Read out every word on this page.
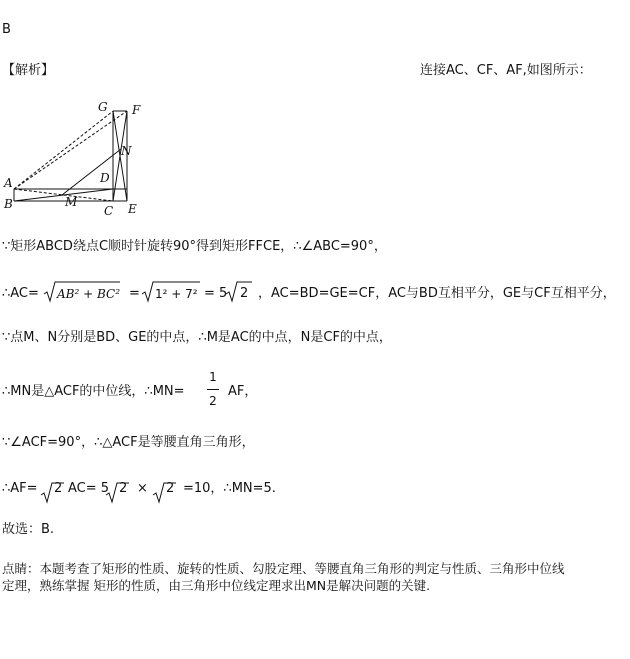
B
【解析】	连接AC、CF、AF,如图所示：
A
B	C
D
E
F
G
M
N
∵矩形ABCD绕点C顺时针旋转90°得到矩形FFCE，∴∠ABC=90°，
∴AC= AB² + BC² = 1² + 7² = 5 2 ，AC=BD=GE=CF，AC与BD互相平分，GE与CF互相平分，
∵点M、N分别是BD、GE的中点，∴M是AC的中点，N是CF的中点，
∴MN是△ACF的中位线，∴MN=
1
2
AF，
∵∠ACF=90°，∴△ACF是等腰直角三角形，
∴AF= 2 AC= 5 2 × 2 =10，∴MN=5.
故选：B.
点睛：本题考查了矩形的性质、旋转的性质、勾股定理、等腰直角三角形的判定与性质、三角形中位线
定理，熟练掌握 矩形的性质，由三角形中位线定理求出MN是解决问题的关键.
